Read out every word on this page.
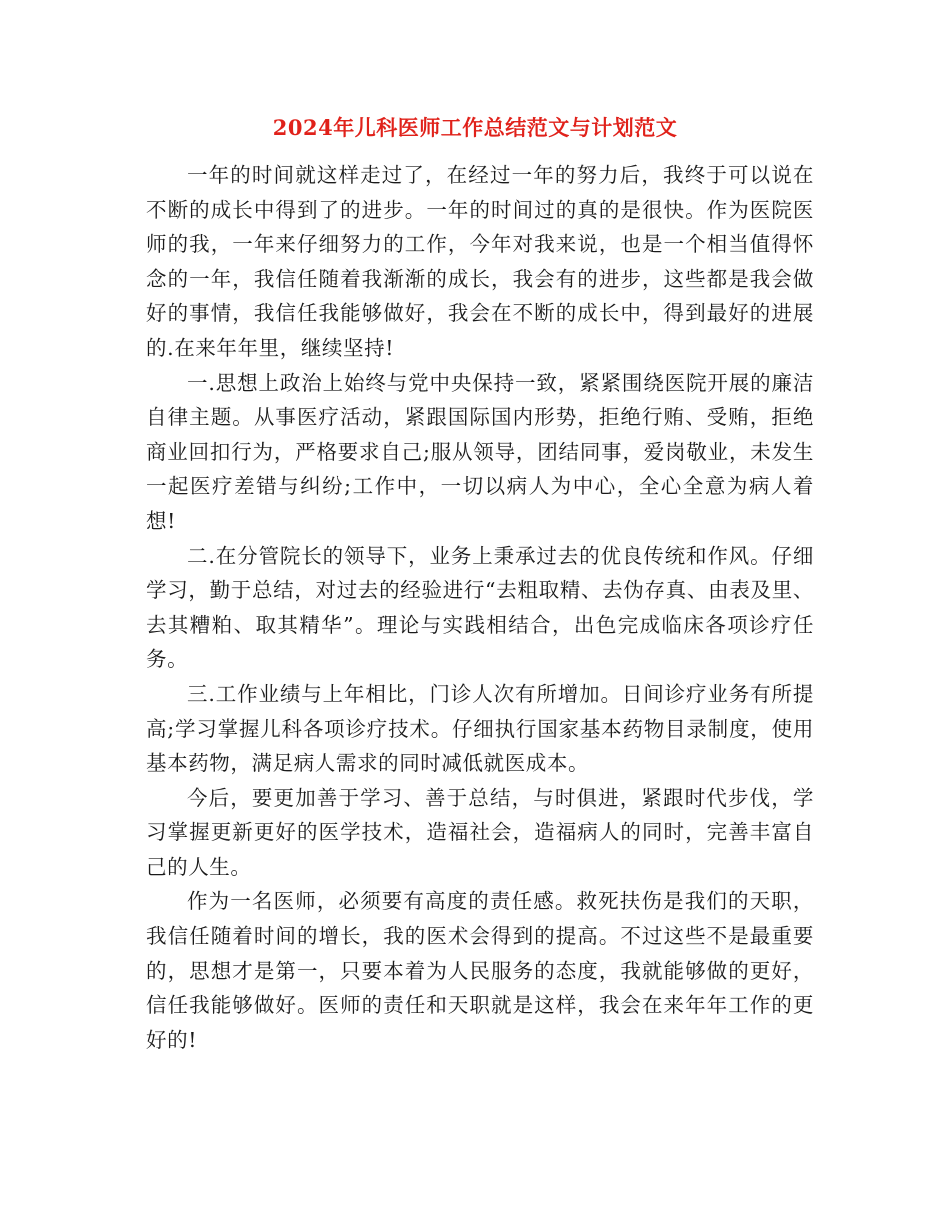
2024年儿科医师工作总结范文与计划范文

一年的时间就这样走过了，在经过一年的努力后，我终于可以说在不断的成长中得到了的进步。一年的时间过的真的是很快。作为医院医师的我，一年来仔细努力的工作，今年对我来说，也是一个相当值得怀念的一年，我信任随着我渐渐的成长，我会有的进步，这些都是我会做好的事情，我信任我能够做好，我会在不断的成长中，得到最好的进展的.在来年年里，继续坚持!

一.思想上政治上始终与党中央保持一致，紧紧围绕医院开展的廉洁自律主题。从事医疗活动，紧跟国际国内形势，拒绝行贿、受贿，拒绝商业回扣行为，严格要求自己;服从领导，团结同事，爱岗敬业，未发生一起医疗差错与纠纷;工作中，一切以病人为中心，全心全意为病人着想!

二.在分管院长的领导下，业务上秉承过去的优良传统和作风。仔细学习，勤于总结，对过去的经验进行“去粗取精、去伪存真、由表及里、去其糟粕、取其精华”。理论与实践相结合，出色完成临床各项诊疗任务。

三.工作业绩与上年相比，门诊人次有所增加。日间诊疗业务有所提高;学习掌握儿科各项诊疗技术。仔细执行国家基本药物目录制度，使用基本药物，满足病人需求的同时减低就医成本。

今后，要更加善于学习、善于总结，与时俱进，紧跟时代步伐，学习掌握更新更好的医学技术，造福社会，造福病人的同时，完善丰富自己的人生。

作为一名医师，必须要有高度的责任感。救死扶伤是我们的天职，我信任随着时间的增长，我的医术会得到的提高。不过这些不是最重要的，思想才是第一，只要本着为人民服务的态度，我就能够做的更好，信任我能够做好。医师的责任和天职就是这样，我会在来年年工作的更好的!
